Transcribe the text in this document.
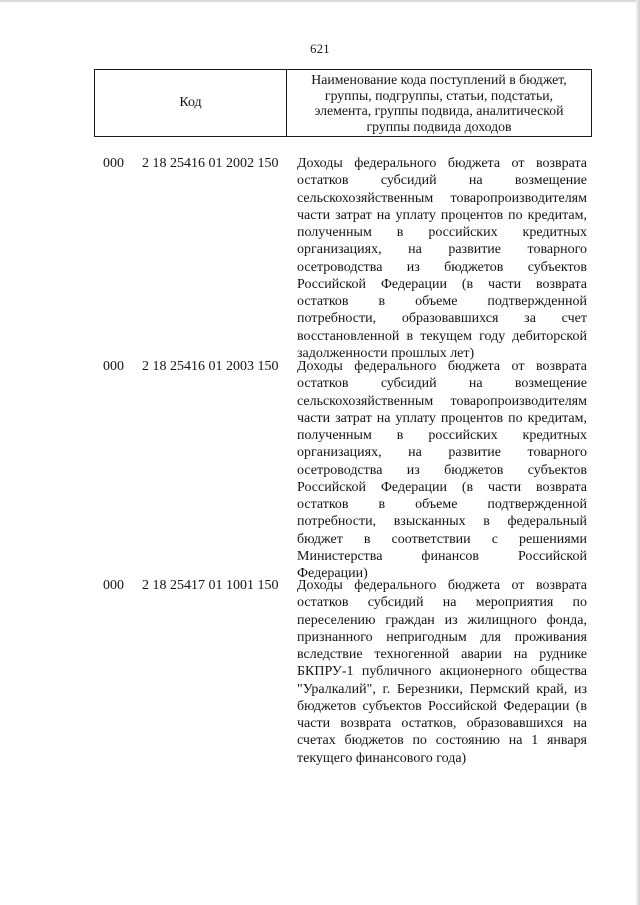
621
Код
Наименование кода поступлений в бюджет,
группы, подгруппы, статьи, подстатьи,
элемента, группы подвида, аналитической
группы подвида доходов
000 2 18 25416 01 2002 150 Доходы федерального бюджета от возврата остатков субсидий на возмещение сельскохозяйственным товаропроизводителям части затрат на уплату процентов по кредитам, полученным в российских кредитных организациях, на развитие товарного осетроводства из бюджетов субъектов Российской Федерации (в части возврата остатков в объеме подтвержденной потребности, образовавшихся за счет восстановленной в текущем году дебиторской задолженности прошлых лет)
000 2 18 25416 01 2003 150 Доходы федерального бюджета от возврата остатков субсидий на возмещение сельскохозяйственным товаропроизводителям части затрат на уплату процентов по кредитам, полученным в российских кредитных организациях, на развитие товарного осетроводства из бюджетов субъектов Российской Федерации (в части возврата остатков в объеме подтвержденной потребности, взысканных в федеральный бюджет в соответствии с решениями Министерства финансов Российской Федерации)
000 2 18 25417 01 1001 150 Доходы федерального бюджета от возврата остатков субсидий на мероприятия по переселению граждан из жилищного фонда, признанного непригодным для проживания вследствие техногенной аварии на руднике БКПРУ-1 публичного акционерного общества "Уралкалий", г. Березники, Пермский край, из бюджетов субъектов Российской Федерации (в части возврата остатков, образовавшихся на счетах бюджетов по состоянию на 1 января текущего финансового года)
